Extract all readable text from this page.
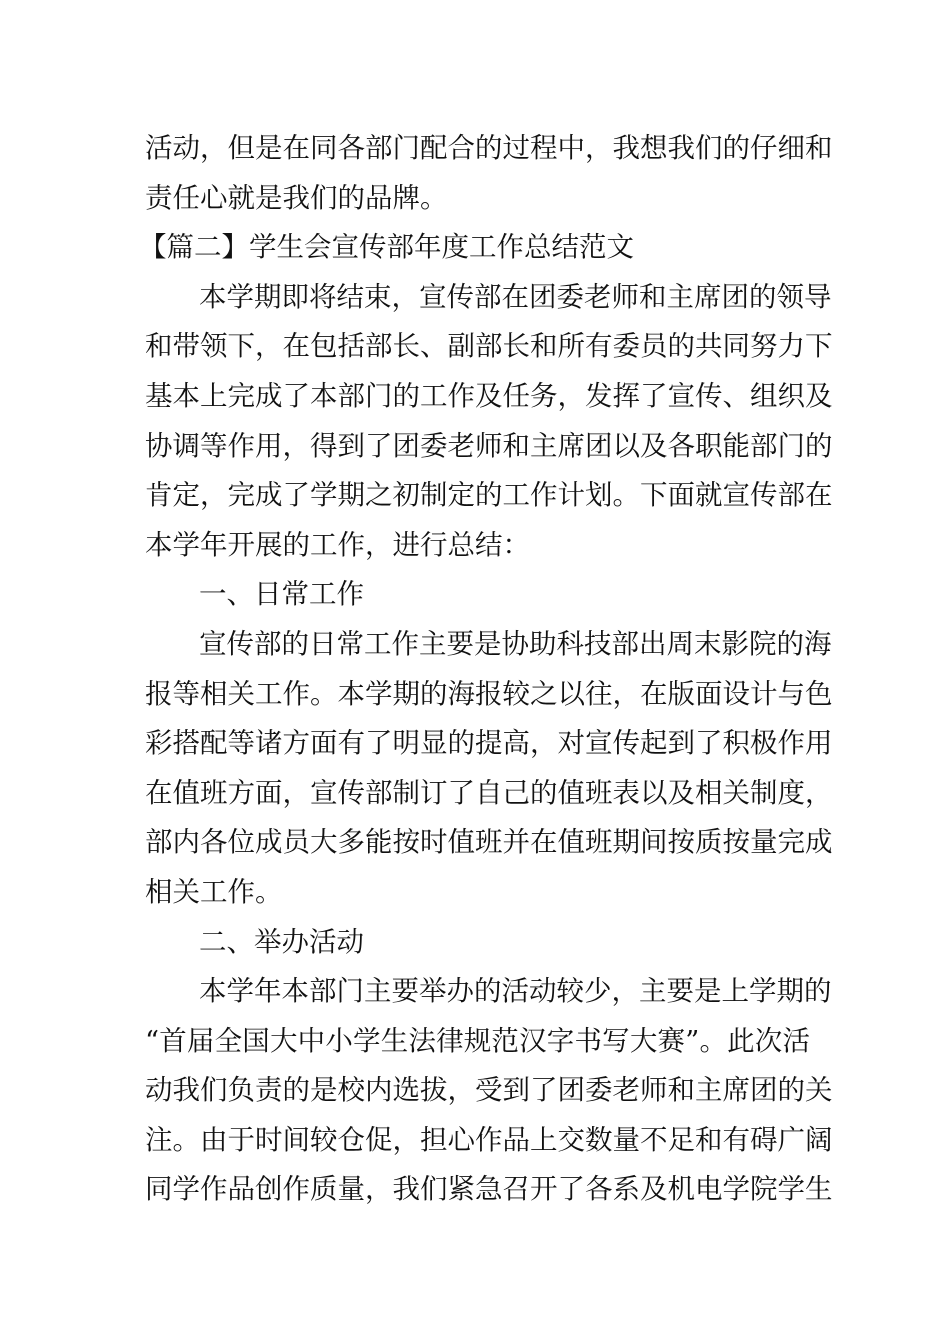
活动，但是在同各部门配合的过程中，我想我们的仔细和
责任心就是我们的品牌。
【篇二】学生会宣传部年度工作总结范文
本学期即将结束，宣传部在团委老师和主席团的领导
和带领下，在包括部长、副部长和所有委员的共同努力下
基本上完成了本部门的工作及任务，发挥了宣传、组织及
协调等作用，得到了团委老师和主席团以及各职能部门的
肯定，完成了学期之初制定的工作计划。下面就宣传部在
本学年开展的工作，进行总结：
一、日常工作
宣传部的日常工作主要是协助科技部出周末影院的海
报等相关工作。本学期的海报较之以往，在版面设计与色
彩搭配等诸方面有了明显的提高，对宣传起到了积极作用
在值班方面，宣传部制订了自己的值班表以及相关制度，
部内各位成员大多能按时值班并在值班期间按质按量完成
相关工作。
二、举办活动
本学年本部门主要举办的活动较少，主要是上学期的
“首届全国大中小学生法律规范汉字书写大赛”。此次活
动我们负责的是校内选拔，受到了团委老师和主席团的关
注。由于时间较仓促，担心作品上交数量不足和有碍广阔
同学作品创作质量，我们紧急召开了各系及机电学院学生
